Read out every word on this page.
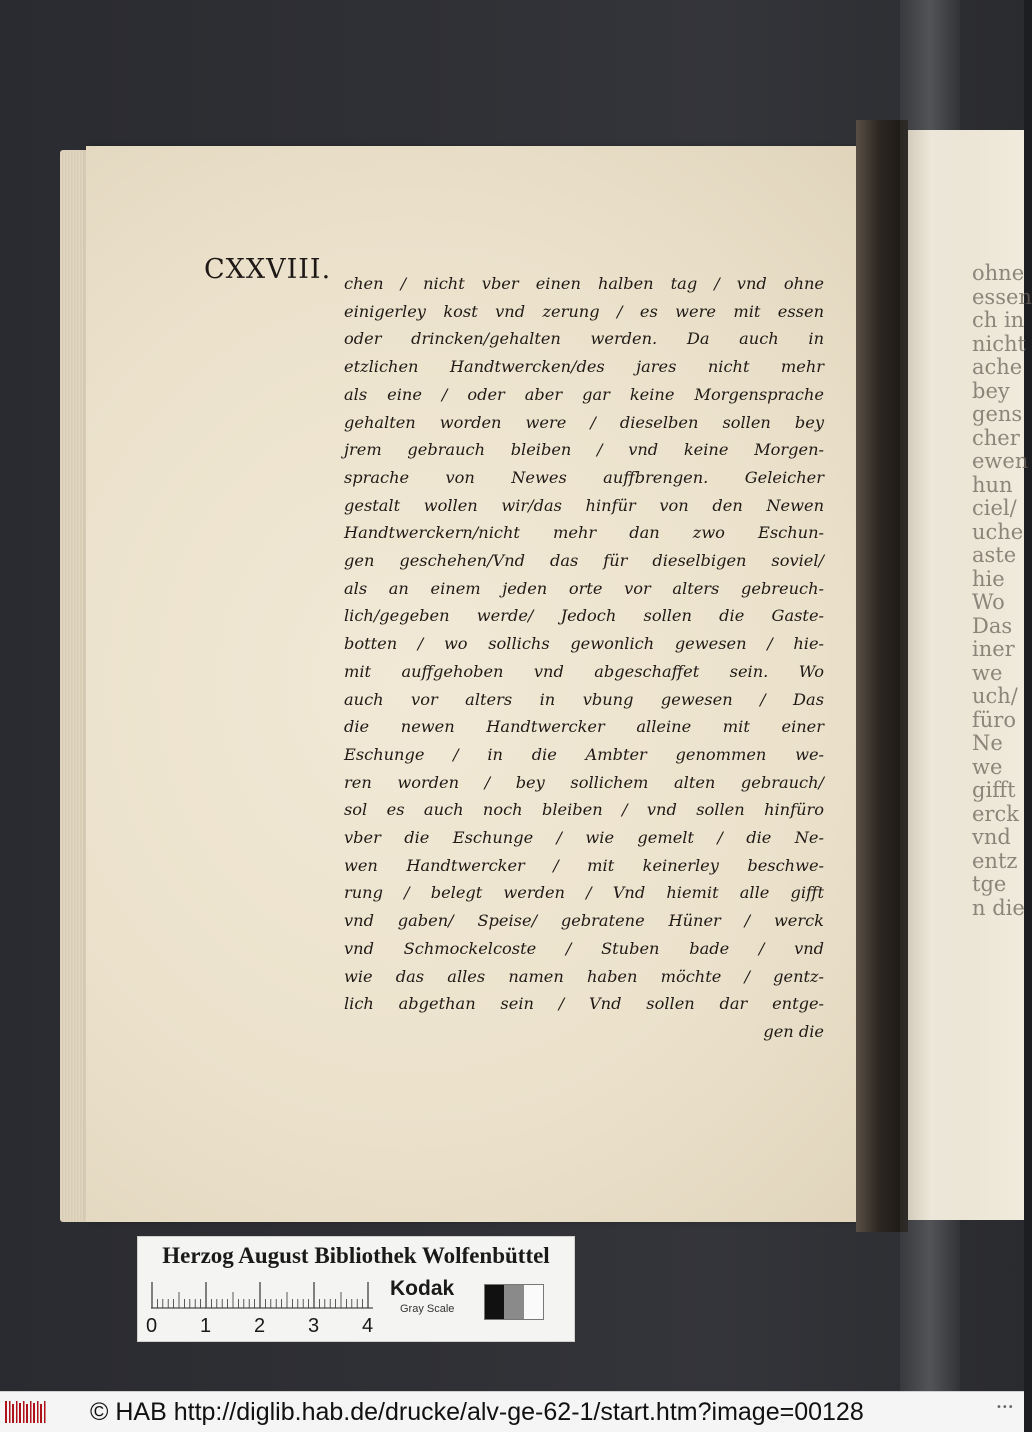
ohne
essen
ch in
nicht
ache
bey
gens
cher
ewen
hun
ciel/
uche
aste
hie
Wo
Das
iner
we
uch/
füro
Ne
we
gifft
erck
vnd
entz
tge
n die
CXXVIII. chen / nicht vber einen halben tag / vnd ohne
einigerley kost vnd zerung / es were mit essen
oder drincken/gehalten werden. Da auch in
etzlichen Handtwercken/des jares nicht mehr
als eine / oder aber gar keine Morgensprache
gehalten worden were / dieselben sollen bey
jrem gebrauch bleiben / vnd keine Morgen-
sprache von Newes auffbrengen. Geleicher
gestalt wollen wir/das hinfür von den Newen
Handtwerckern/nicht mehr dan zwo Eschun-
gen geschehen/Vnd das für dieselbigen soviel/
als an einem jeden orte vor alters gebreuch-
lich/gegeben werde/ Jedoch sollen die Gaste-
botten / wo sollichs gewonlich gewesen / hie-
mit auffgehoben vnd abgeschaffet sein. Wo
auch vor alters in vbung gewesen / Das
die newen Handtwercker alleine mit einer
Eschunge / in die Ambter genommen we-
ren worden / bey sollichem alten gebrauch/
sol es auch noch bleiben / vnd sollen hinfüro
vber die Eschunge / wie gemelt / die Ne-
wen Handtwercker / mit keinerley beschwe-
rung / belegt werden / Vnd hiemit alle gifft
vnd gaben/ Speise/ gebratene Hüner / werck
vnd Schmockelcoste / Stuben bade / vnd
wie das alles namen haben möchte / gentz-
lich abgethan sein / Vnd sollen dar entge-
gen die
Herzog August Bibliothek Wolfenbüttel
0 1 2 3 4
Kodak
Gray Scale
© HAB http://diglib.hab.de/drucke/alv-ge-62-1/start.htm?image=00128	•••
